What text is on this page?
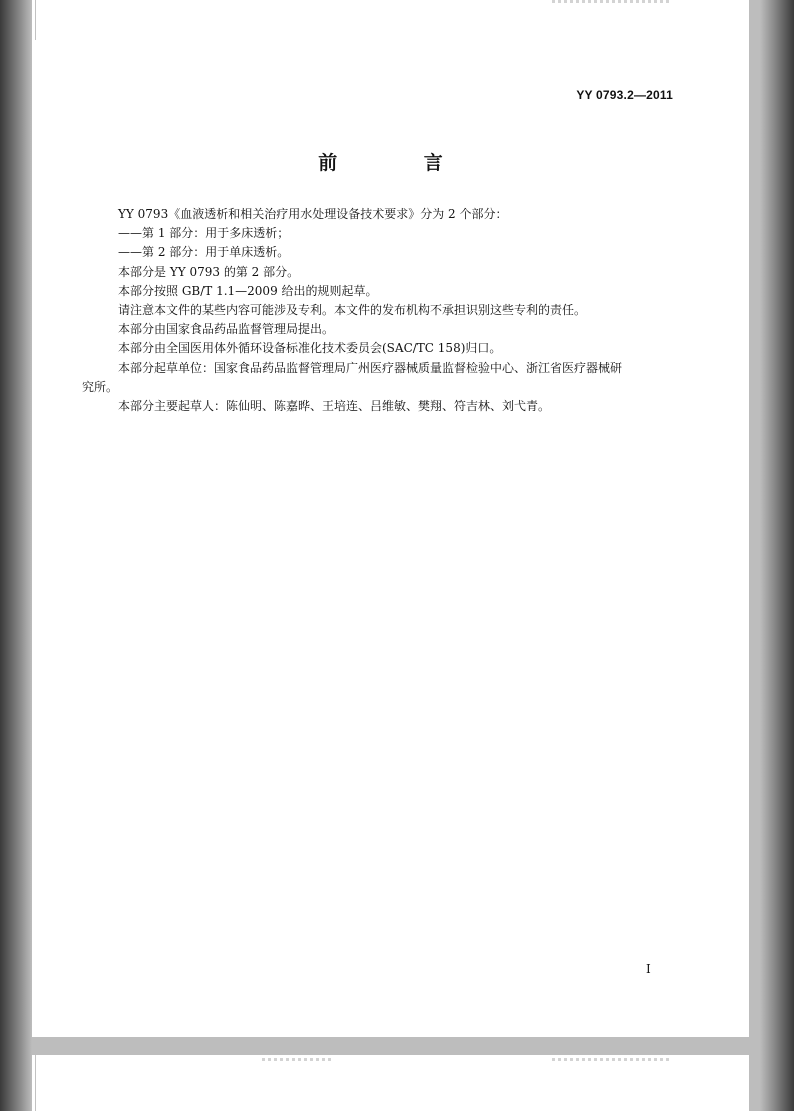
YY 0793.2—2011
前 言
YY 0793《血液透析和相关治疗用水处理设备技术要求》分为 2 个部分：
——第 1 部分：用于多床透析；
——第 2 部分：用于单床透析。
本部分是 YY 0793 的第 2 部分。
本部分按照 GB/T 1.1—2009 给出的规则起草。
请注意本文件的某些内容可能涉及专利。本文件的发布机构不承担识别这些专利的责任。
本部分由国家食品药品监督管理局提出。
本部分由全国医用体外循环设备标准化技术委员会(SAC/TC 158)归口。
本部分起草单位：国家食品药品监督管理局广州医疗器械质量监督检验中心、浙江省医疗器械研
究所。
本部分主要起草人：陈仙明、陈嘉晔、王培连、吕维敏、樊翔、符吉林、刘弋青。
I
